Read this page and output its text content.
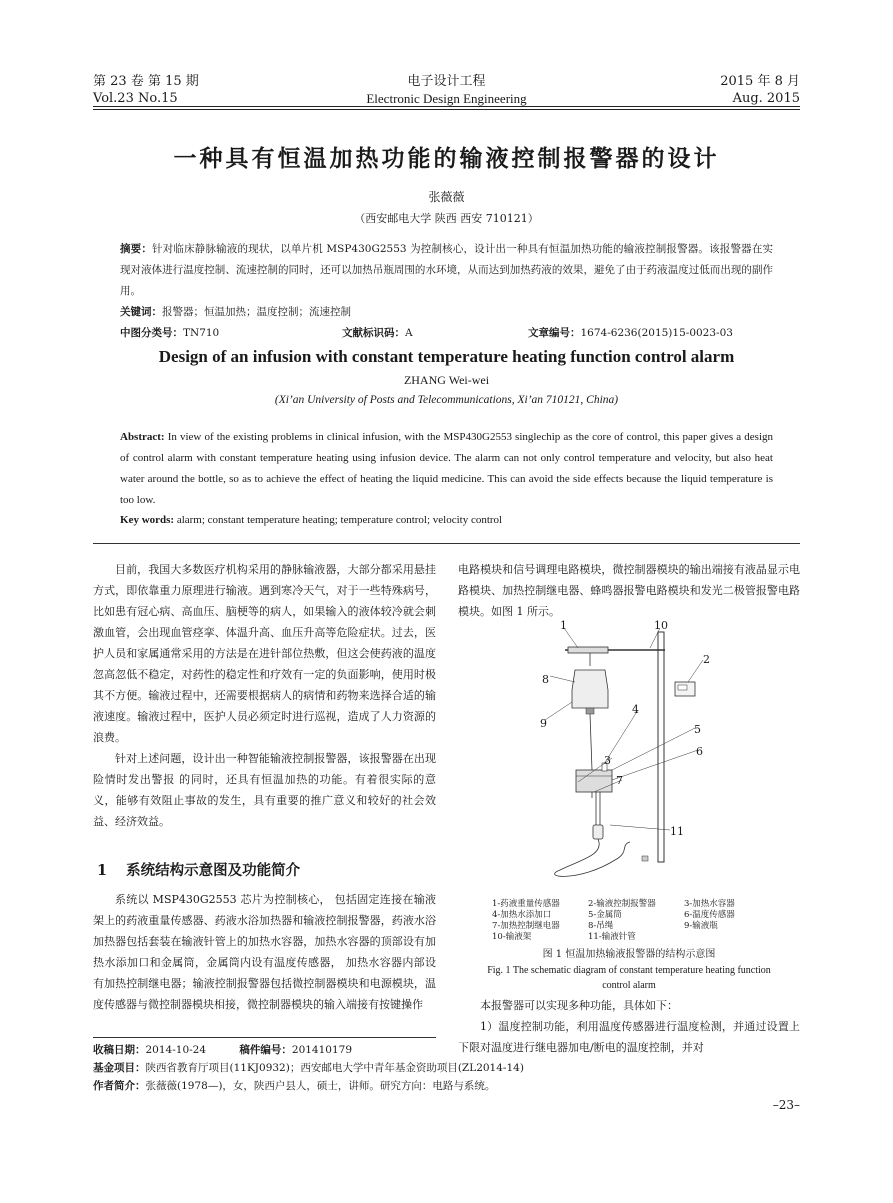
第 23 卷 第 15 期
Vol.23 No.15
电子设计工程
Electronic Design Engineering
2015 年 8 月
Aug. 2015
一种具有恒温加热功能的输液控制报警器的设计
张薇薇
（西安邮电大学 陕西 西安 710121）
摘要：针对临床静脉输液的现状，以单片机 MSP430G2553 为控制核心，设计出一种具有恒温加热功能的输液控制报警器。该报警器在实现对液体进行温度控制、流速控制的同时，还可以加热吊瓶周围的水环境，从而达到加热药液的效果，避免了由于药液温度过低而出现的副作用。
关键词：报警器；恒温加热；温度控制；流速控制
中图分类号：TN710	文献标识码：A	文章编号：1674-6236(2015)15-0023-03
Design of an infusion with constant temperature heating function control alarm
ZHANG Wei-wei
(Xi’an University of Posts and Telecommunications, Xi’an 710121, China)
Abstract: In view of the existing problems in clinical infusion, with the MSP430G2553 singlechip as the core of control, this paper gives a design of control alarm with constant temperature heating using infusion device. The alarm can not only control temperature and velocity, but also heat water around the bottle, so as to achieve the effect of heating the liquid medicine. This can avoid the side effects because the liquid temperature is too low.
Key words: alarm; constant temperature heating; temperature control; velocity control

目前，我国大多数医疗机构采用的静脉输液器，大部分都采用悬挂方式，即依靠重力原理进行输液。遇到寒冷天气，对于一些特殊病号，比如患有冠心病、高血压、脑梗等的病人，如果输入的液体较冷就会刺激血管，会出现血管痉挛、体温升高、血压升高等危险症状。过去，医护人员和家属通常采用的方法是在进针部位热敷，但这会使药液的温度忽高忽低不稳定，对药性的稳定性和疗效有一定的负面影响，使用时极其不方便。输液过程中，还需要根据病人的病情和药物来选择合适的输液速度。输液过程中，医护人员必须定时进行巡视，造成了人力资源的浪费。

针对上述问题，设计出一种智能输液控制报警器，该报警器在出现险情时发出警报 的同时，还具有恒温加热的功能。有着很实际的意义，能够有效阻止事故的发生，具有重要的推广意义和较好的社会效益、经济效益。

1 系统结构示意图及功能简介

系统以 MSP430G2553 芯片为控制核心， 包括固定连接在输液架上的药液重量传感器、药液水浴加热器和输液控制报警器，药液水浴加热器包括套装在输液针管上的加热水容器，加热水容器的顶部设有加热水添加口和金属筒，金属筒内设有温度传感器， 加热水容器内部设有加热控制继电器；输液控制报警器包括微控制器模块和电源模块，温度传感器与微控制器模块相接，微控制器模块的输入端接有按键操作

电路模块和信号调理电路模块，微控制器模块的输出端接有液晶显示电路模块、加热控制继电器、蜂鸣器报警电路模块和发光二极管报警电路模块。如图 1 所示。

1	10
2
8
9
4
5
6
3
7
11
1-药液重量传感器	2-输液控制报警器	3-加热水容器
4-加热水添加口	5-金属筒	6-温度传感器
7-加热控制继电器	8-吊绳	9-输液瓶
10-输液架	11-输液针管
图 1 恒温加热输液报警器的结构示意图
Fig. 1 The schematic diagram of constant temperature heating function
control alarm

本报警器可以实现多种功能，具体如下：

1）温度控制功能，利用温度传感器进行温度检测，并通过设置上下限对温度进行继电器加电/断电的温度控制，并对

收稿日期：2014-10-24	稿件编号：201410179
基金项目：陕西省教育厅项目(11KJ0932)；西安邮电大学中青年基金资助项目(ZL2014-14)
作者简介：张薇薇(1978—)，女，陕西户县人，硕士，讲师。研究方向：电路与系统。
–23–
